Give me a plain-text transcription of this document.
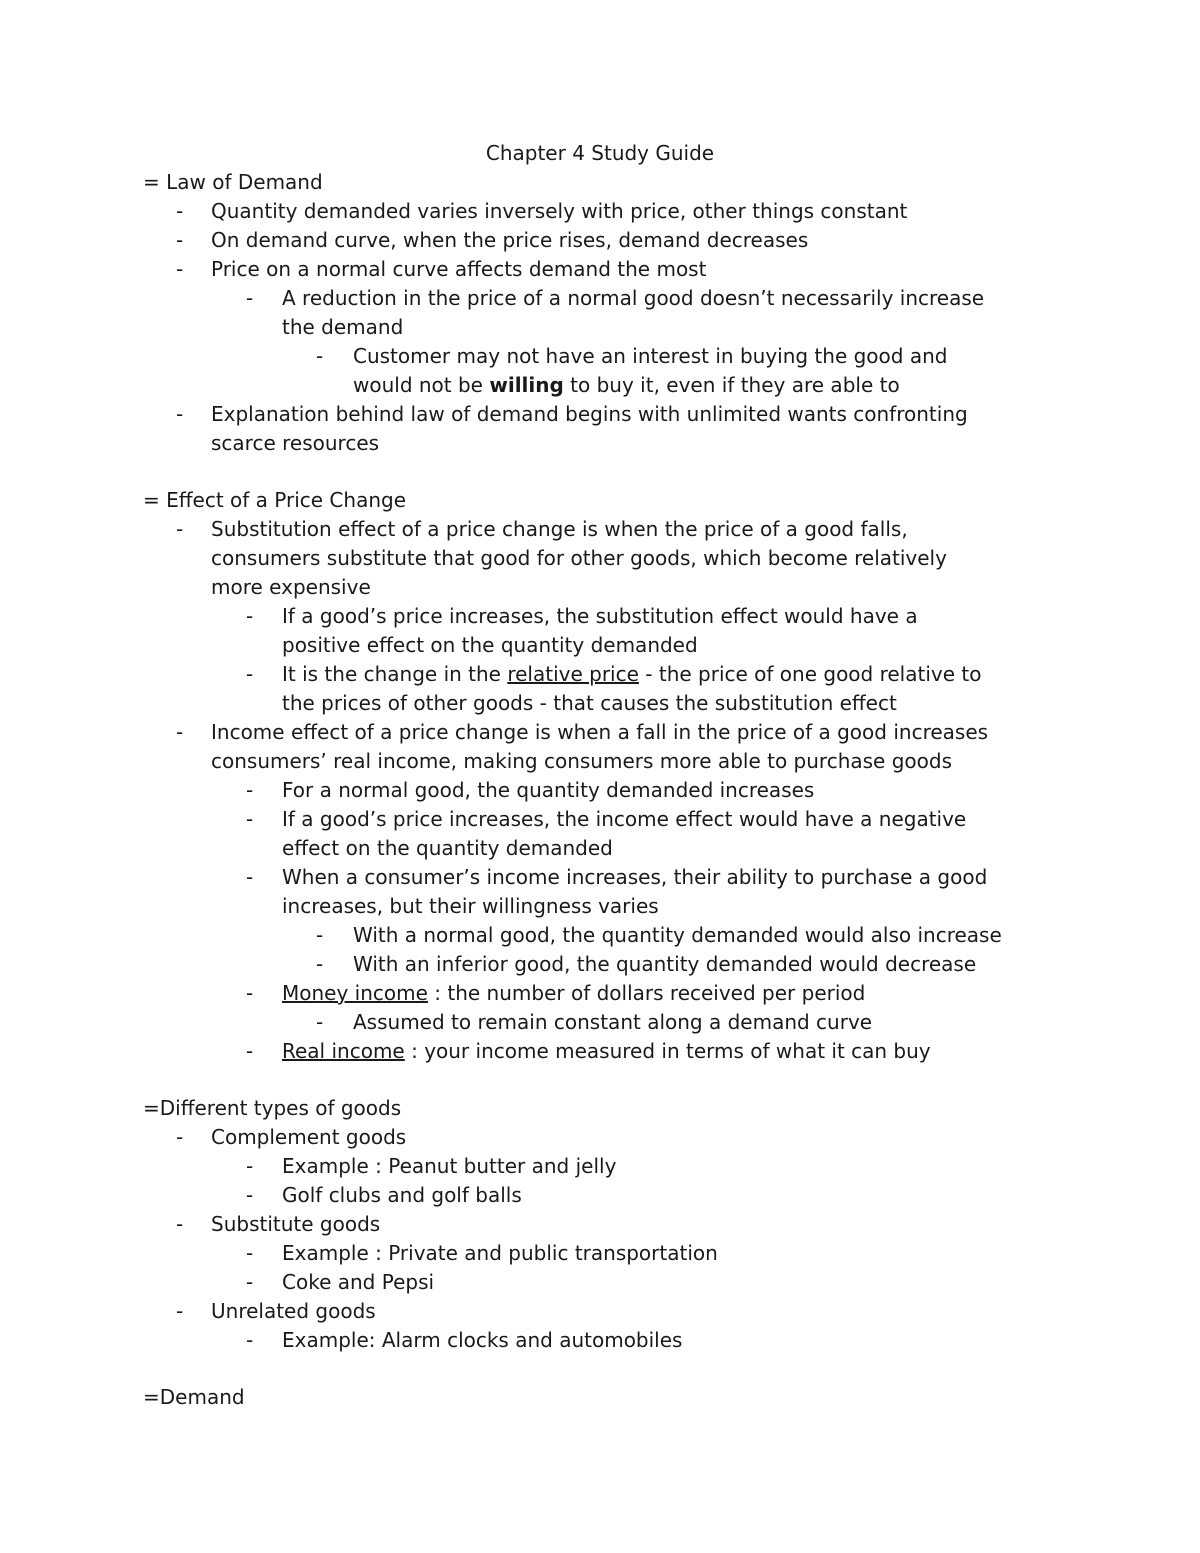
Chapter 4 Study Guide
= Law of Demand
- Quantity demanded varies inversely with price, other things constant
- On demand curve, when the price rises, demand decreases
- Price on a normal curve affects demand the most
- A reduction in the price of a normal good doesn’t necessarily increase
the demand
- Customer may not have an interest in buying the good and
would not be willing to buy it, even if they are able to
- Explanation behind law of demand begins with unlimited wants confronting
scarce resources
= Effect of a Price Change
- Substitution effect of a price change is when the price of a good falls,
consumers substitute that good for other goods, which become relatively
more expensive
- If a good’s price increases, the substitution effect would have a
positive effect on the quantity demanded
- It is the change in the relative price - the price of one good relative to
the prices of other goods - that causes the substitution effect
- Income effect of a price change is when a fall in the price of a good increases
consumers’ real income, making consumers more able to purchase goods
- For a normal good, the quantity demanded increases
- If a good’s price increases, the income effect would have a negative
effect on the quantity demanded
- When a consumer’s income increases, their ability to purchase a good
increases, but their willingness varies
- With a normal good, the quantity demanded would also increase
- With an inferior good, the quantity demanded would decrease
- Money income : the number of dollars received per period
- Assumed to remain constant along a demand curve
- Real income : your income measured in terms of what it can buy
=Different types of goods
- Complement goods
- Example : Peanut butter and jelly
- Golf clubs and golf balls
- Substitute goods
- Example : Private and public transportation
- Coke and Pepsi
- Unrelated goods
- Example: Alarm clocks and automobiles
=Demand
